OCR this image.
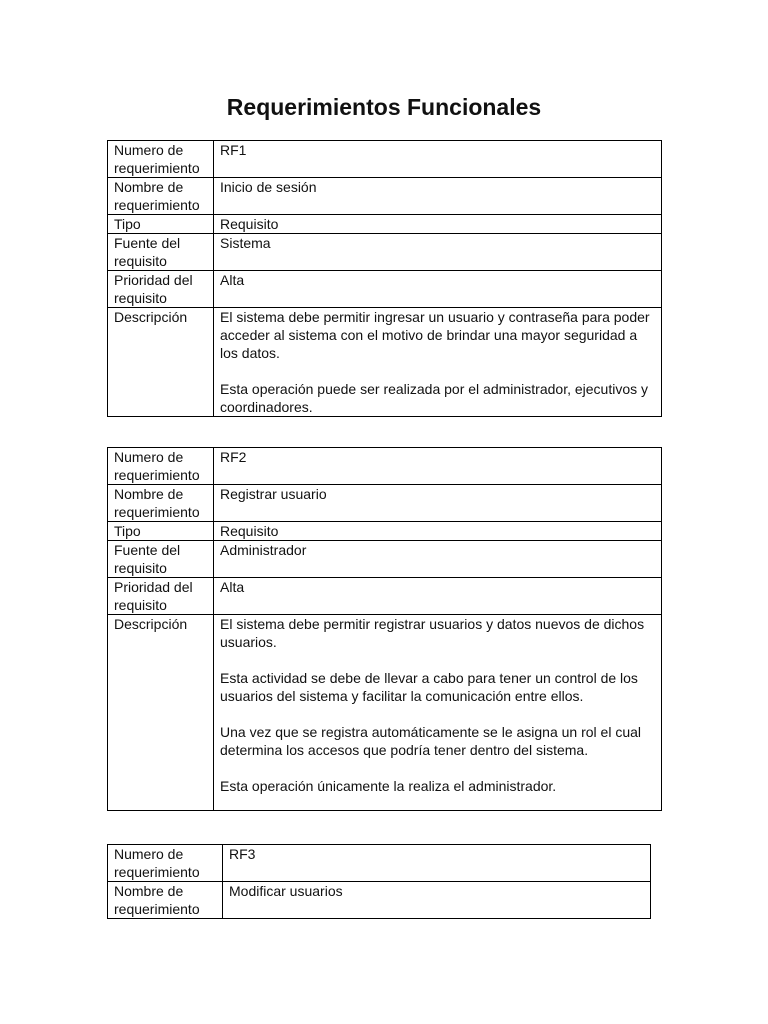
Requerimientos Funcionales
Numero de requerimiento	RF1
Nombre de requerimiento	Inicio de sesión
Tipo	Requisito
Fuente del requisito	Sistema
Prioridad del requisito	Alta
Descripción	El sistema debe permitir ingresar un usuario y contraseña para poder acceder al sistema con el motivo de brindar una mayor seguridad a los datos.
Esta operación puede ser realizada por el administrador, ejecutivos y coordinadores.
Numero de requerimiento	RF2
Nombre de requerimiento	Registrar usuario
Tipo	Requisito
Fuente del requisito	Administrador
Prioridad del requisito	Alta
Descripción	El sistema debe permitir registrar usuarios y datos nuevos de dichos usuarios.
Esta actividad se debe de llevar a cabo para tener un control de los usuarios del sistema y facilitar la comunicación entre ellos.
Una vez que se registra automáticamente se le asigna un rol el cual determina los accesos que podría tener dentro del sistema.
Esta operación únicamente la realiza el administrador.
Numero de requerimiento	RF3
Nombre de requerimiento	Modificar usuarios
